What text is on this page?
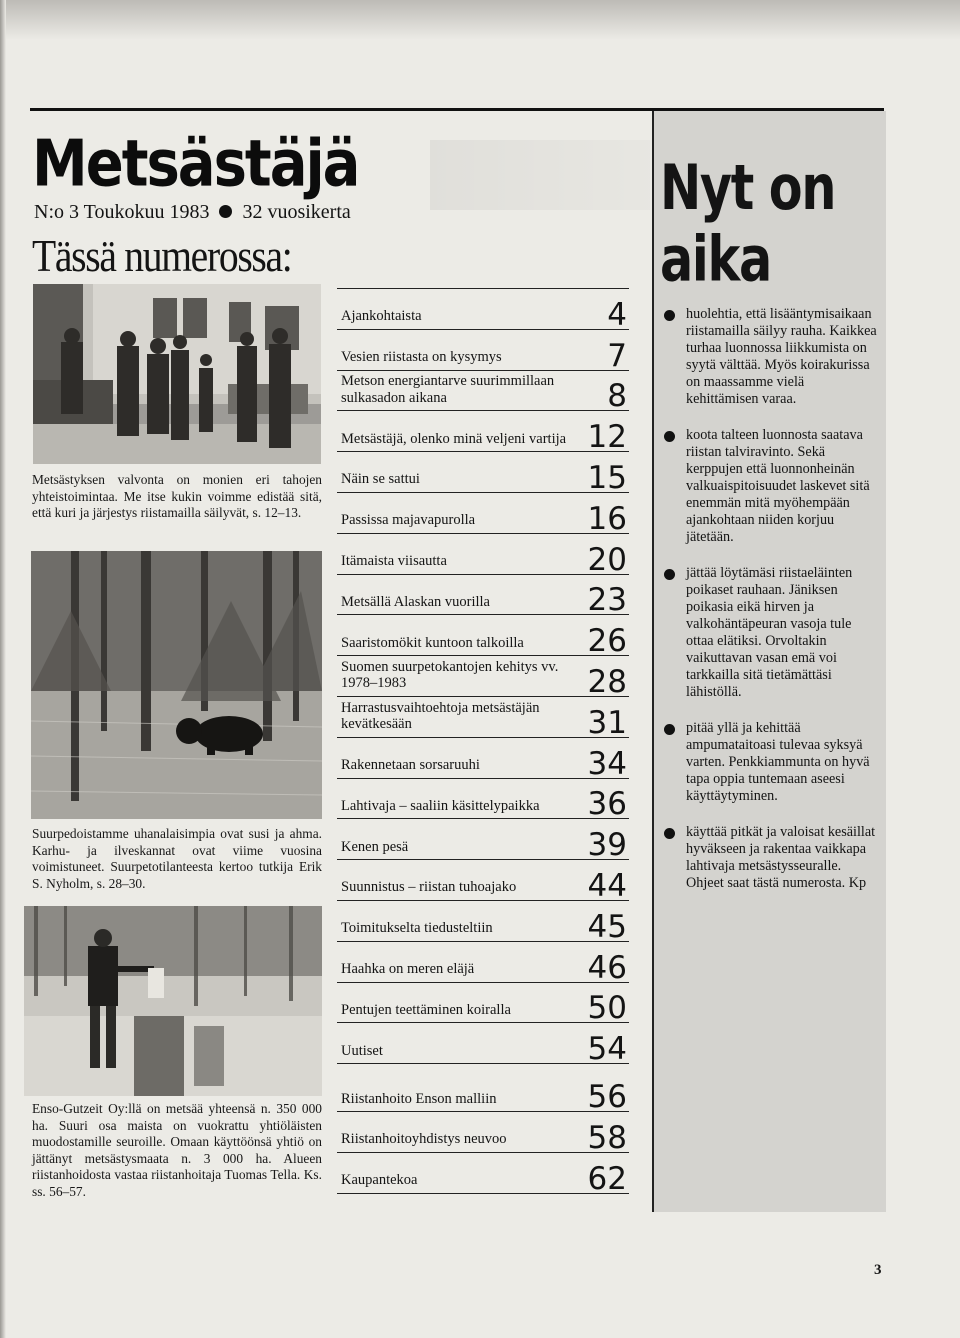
Metsästäjä
N:o 3 Toukokuu 1983 32 vuosikerta
Tässä numerossa:
Metsästyksen valvonta on monien eri tahojen yhteistoimintaa. Me itse kukin voimme edistää sitä, että kuri ja järjestys riistamailla säilyvät, s. 12–13.
Suurpedoistamme uhanalaisimpia ovat susi ja ahma. Karhu- ja ilveskannat ovat viime vuosina voimistuneet. Suurpetotilanteesta kertoo tutkija Erik S. Nyholm, s. 28–30.
Enso-Gutzeit Oy:llä on metsää yhteensä n. 350 000 ha. Suuri osa maista on vuokrattu yhtiöläisten muodostamille seuroille. Omaan käyttöönsä yhtiö on jättänyt metsästysmaata n. 3 000 ha. Alueen riistanhoidosta vastaa riistanhoitaja Tuomas Tella. Ks. ss. 56–57.
Ajankohtaista	4
Vesien riistasta on kysymys	7
Metson energiantarve suurimmillaan sulkasadon aikana	8
Metsästäjä, olenko minä veljeni vartija 12
Näin se sattui	15
Passissa majavapurolla	16
Itämaista viisautta	20
Metsällä Alaskan vuorilla	23
Saaristomökit kuntoon talkoilla	26
Suomen suurpetokantojen kehitys vv. 1978–1983	28
Harrastusvaihtoehtoja metsästäjän kevätkesään	31
Rakennetaan sorsaruuhi	34
Lahtivaja – saaliin käsittelypaikka	36
Kenen pesä	39
Suunnistus – riistan tuhoajako	44
Toimitukselta tiedusteltiin	45
Haahka on meren eläjä	46
Pentujen teettäminen koiralla	50
Uutiset	54
Riistanhoito Enson malliin	56
Riistanhoitoyhdistys neuvoo	58
Kaupantekoa	62
Nyt on
aika
huolehtia, että lisääntymisaikaan riistamailla säilyy rauha. Kaikkea turhaa luonnossa liikkumista on syytä välttää. Myös koirakurissa on maassamme vielä kehittämisen varaa.
koota talteen luonnosta saatava riistan talviravinto. Sekä kerppujen että luonnonheinän valkuaispitoisuudet laskevet sitä enemmän mitä myöhempään ajankohtaan niiden korjuu jätetään.
jättää löytämäsi riistaeläinten poikaset rauhaan. Jäniksen poikasia eikä hirven ja valkohäntäpeuran vasoja tule ottaa elätiksi. Orvoltakin vaikuttavan vasan emä voi tarkkailla sitä tietämättäsi lähistöllä.
pitää yllä ja kehittää ampumataitoasi tulevaa syksyä varten. Penkkiammunta on hyvä tapa oppia tuntemaan aseesi käyttäytyminen.
käyttää pitkät ja valoisat kesäillat hyväkseen ja rakentaa vaikkapa lahtivaja metsästysseuralle. Ohjeet saat tästä numerosta. Kp
3
